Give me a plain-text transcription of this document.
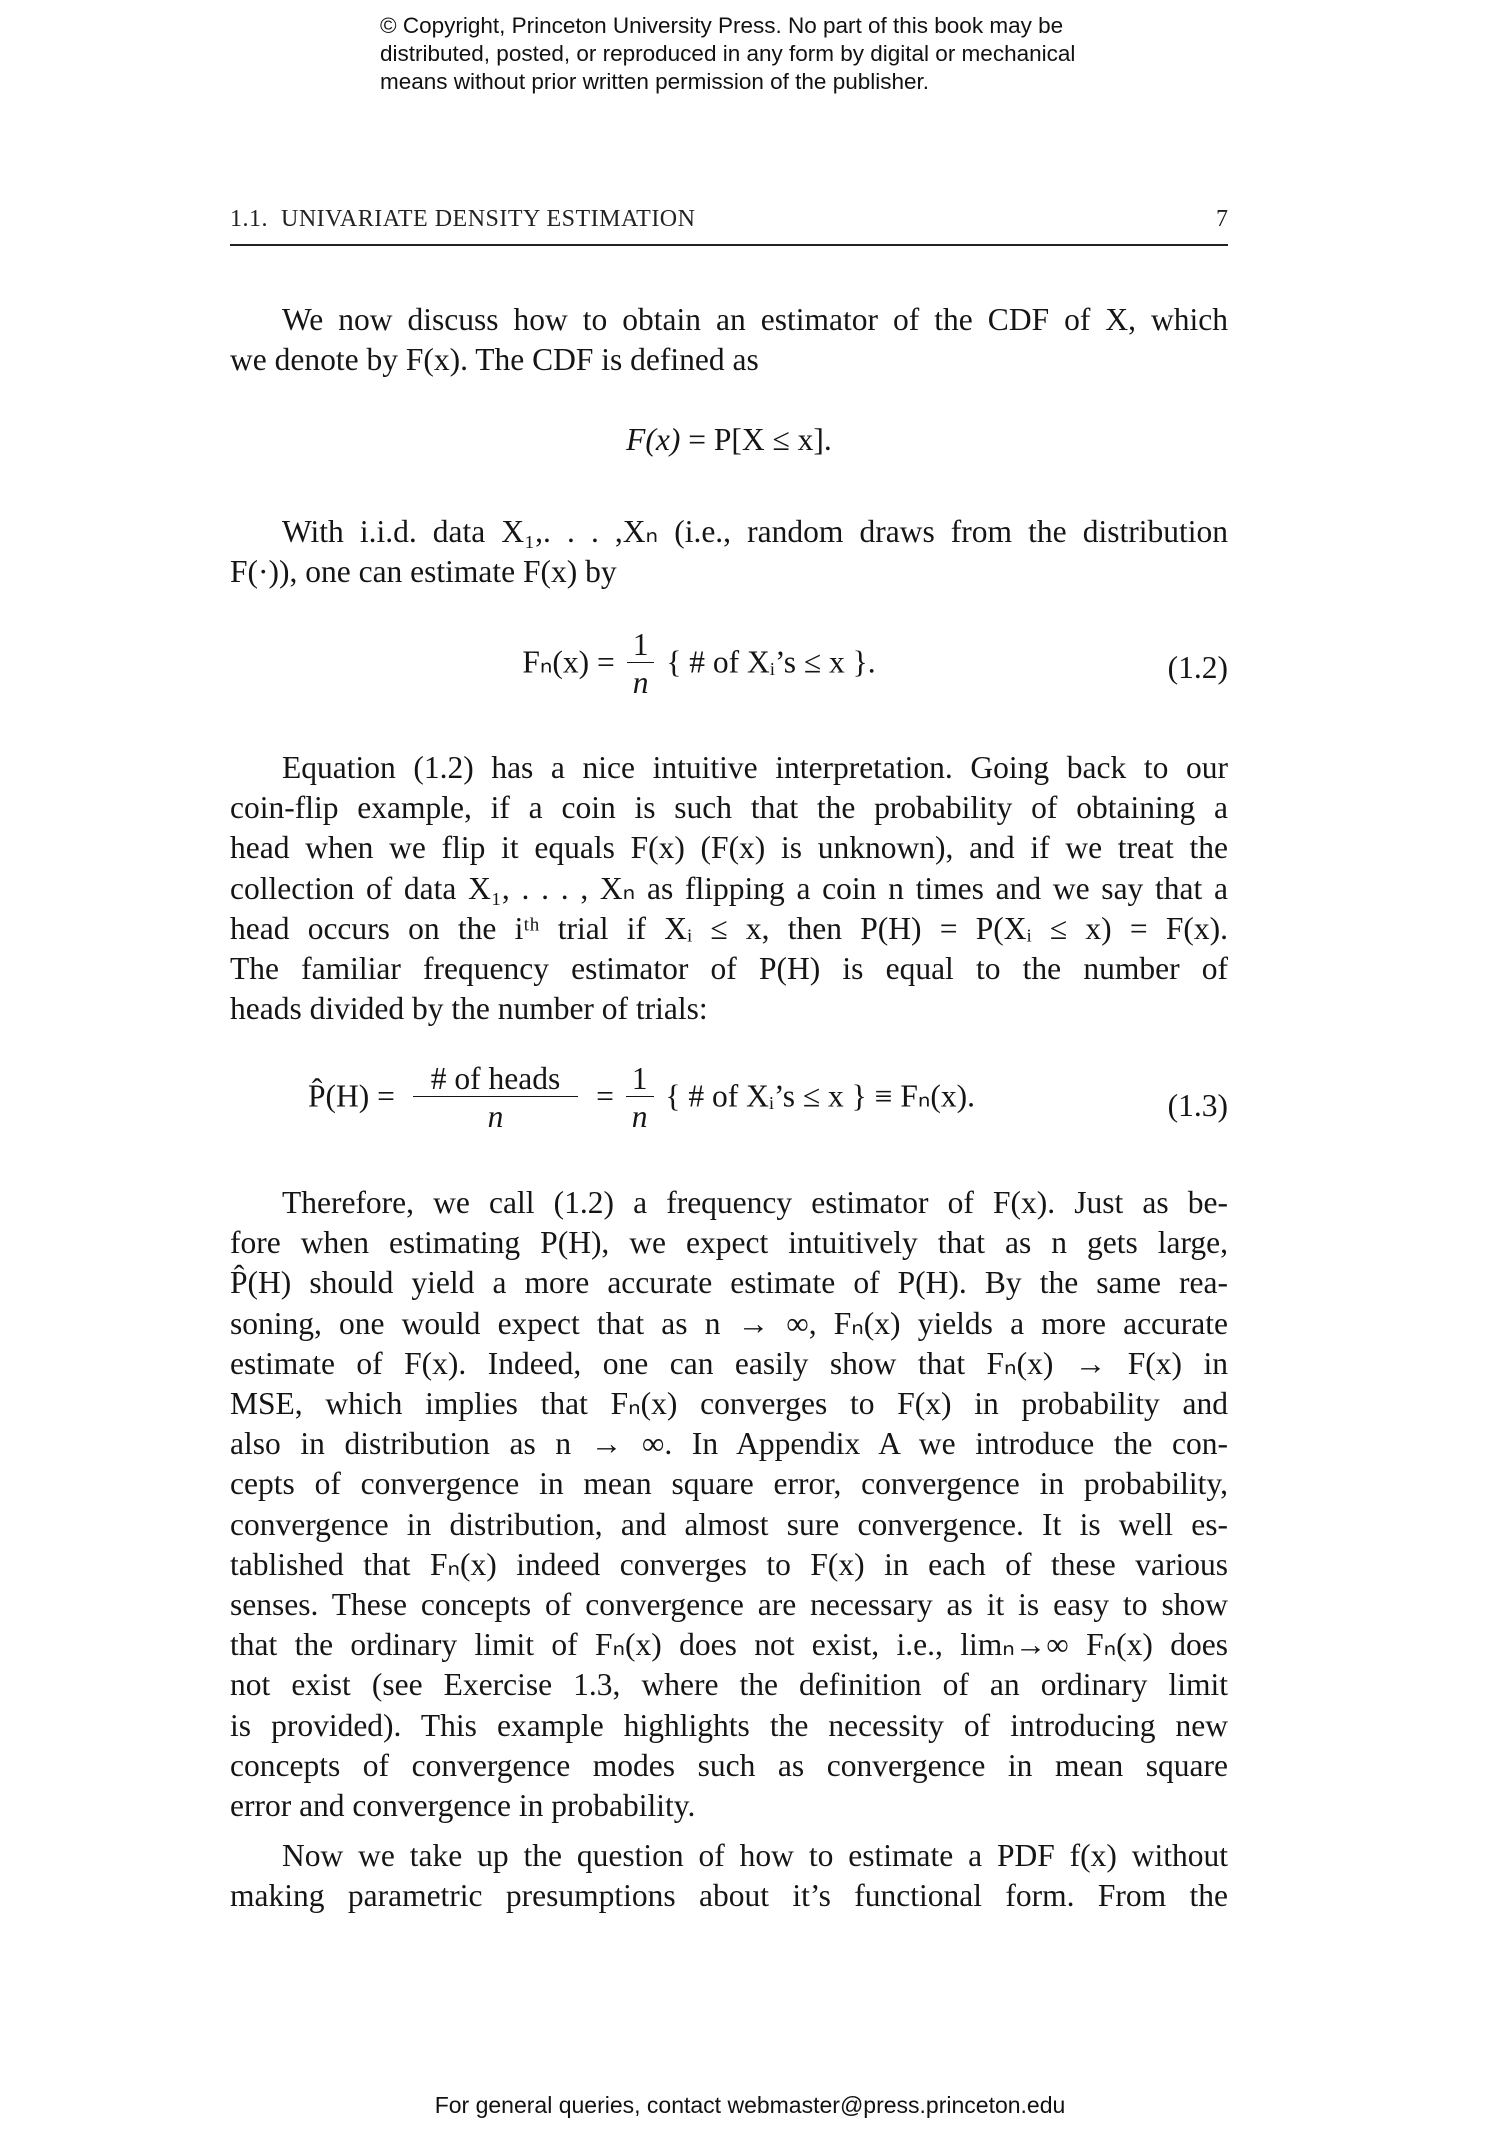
© Copyright, Princeton University Press. No part of this book may be
distributed, posted, or reproduced in any form by digital or mechanical
means without prior written permission of the publisher.
1.1.  UNIVARIATE DENSITY ESTIMATION	7

We now discuss how to obtain an estimator of the CDF of X, which
we denote by F(x). The CDF is defined as

F(x) = P[X ≤ x].

With i.i.d. data X₁,. . . ,Xₙ (i.e., random draws from the distribution
F(·)), one can estimate F(x) by

$F_n(x) = \frac{1}{n}$ { # of Xᵢ’s ≤ x }.	(1.2)

Equation (1.2) has a nice intuitive interpretation. Going back to our
coin-flip example, if a coin is such that the probability of obtaining a
head when we flip it equals F(x) (F(x) is unknown), and if we treat the
collection of data X₁, . . . , Xₙ as flipping a coin n times and we say that a
head occurs on the iᵗʰ trial if Xᵢ ≤ x, then P(H) = P(Xᵢ ≤ x) = F(x).
The familiar frequency estimator of P(H) is equal to the number of
heads divided by the number of trials:

P̂(H) = $\frac{\text{\# of heads}}{n} = \frac{1}{n}$ { # of Xᵢ’s ≤ x } ≡ Fₙ(x).	(1.3)

Therefore, we call (1.2) a frequency estimator of F(x). Just as be-
fore when estimating P(H), we expect intuitively that as n gets large,
P̂(H) should yield a more accurate estimate of P(H). By the same rea-
soning, one would expect that as n → ∞, Fₙ(x) yields a more accurate
estimate of F(x). Indeed, one can easily show that Fₙ(x) → F(x) in
MSE, which implies that Fₙ(x) converges to F(x) in probability and
also in distribution as n → ∞. In Appendix A we introduce the con-
cepts of convergence in mean square error, convergence in probability,
convergence in distribution, and almost sure convergence. It is well es-
tablished that Fₙ(x) indeed converges to F(x) in each of these various
senses. These concepts of convergence are necessary as it is easy to show
that the ordinary limit of Fₙ(x) does not exist, i.e., limₙ→∞ Fₙ(x) does
not exist (see Exercise 1.3, where the definition of an ordinary limit
is provided). This example highlights the necessity of introducing new
concepts of convergence modes such as convergence in mean square
error and convergence in probability.

Now we take up the question of how to estimate a PDF f(x) without
making parametric presumptions about it’s functional form. From the

For general queries, contact webmaster@press.princeton.edu
